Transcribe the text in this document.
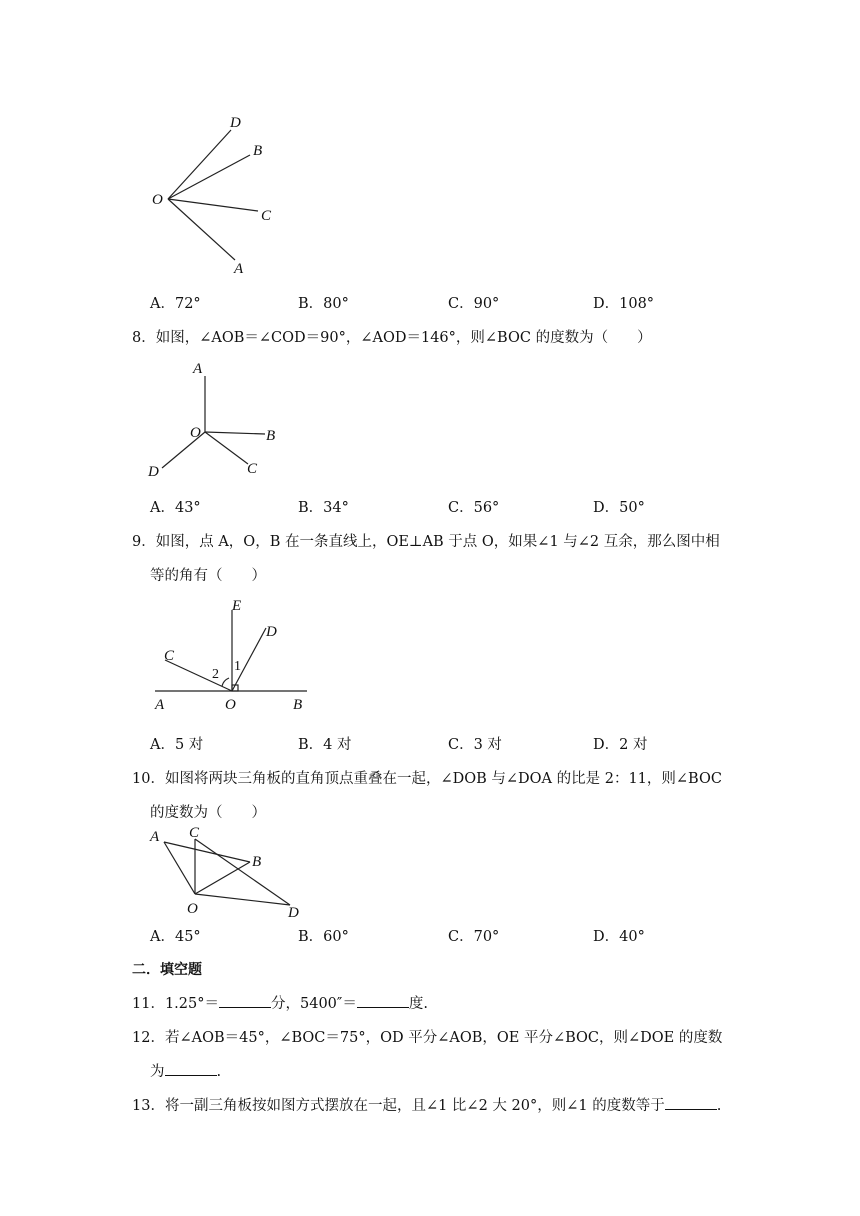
D
B
O
C
A
A．72°	B．80°	C．90°	D．108°
8．如图，∠AOB＝∠COD＝90°，∠AOD＝146°，则∠BOC 的度数为（　　）
A
O	B
D	C
A．43°	B．34°	C．56°	D．50°
9．如图，点 A，O，B 在一条直线上，OE⊥AB 于点 O，如果∠1 与∠2 互余，那么图中相
等的角有（　　）
E
D
C
1
2
A	O	B
A．5 对	B．4 对	C．3 对	D．2 对
10．如图将两块三角板的直角顶点重叠在一起，∠DOB 与∠DOA 的比是 2：11，则∠BOC
的度数为（　　）
A C
B
O	D
A．45°	B．60°	C．70°	D．40°
二．填空题
11．1.25°＝	分，5400″＝	度.
12．若∠AOB＝45°，∠BOC＝75°，OD 平分∠AOB，OE 平分∠BOC，则∠DOE 的度数
为	.
13．将一副三角板按如图方式摆放在一起，且∠1 比∠2 大 20°，则∠1 的度数等于	.
